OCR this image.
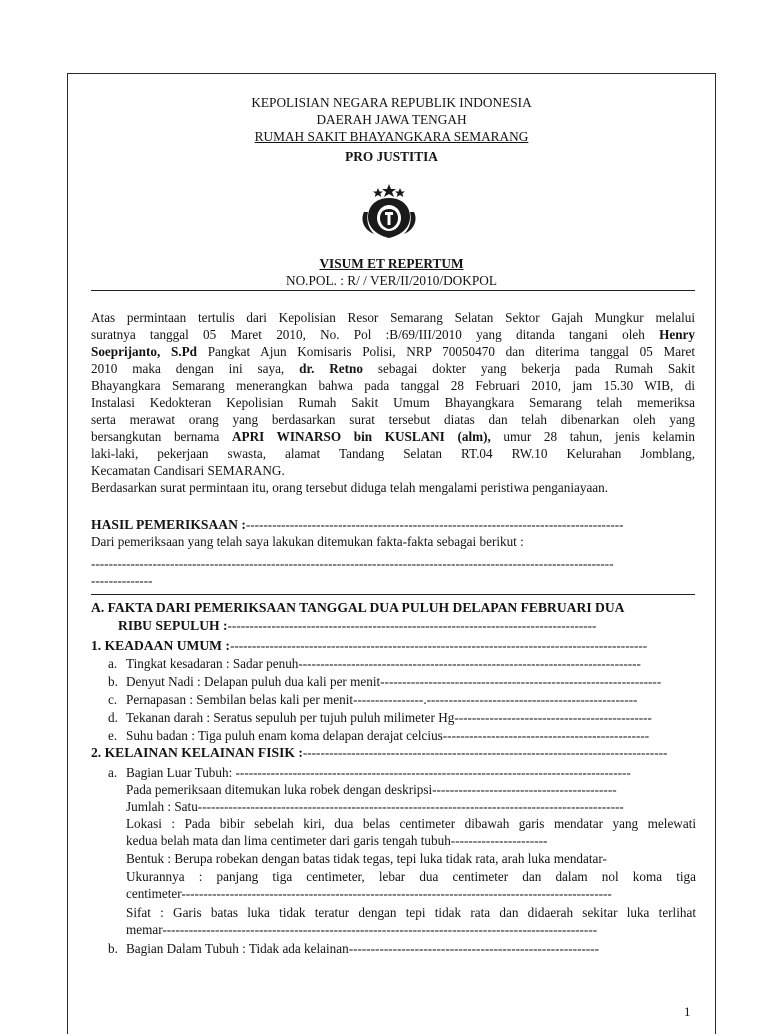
KEPOLISIAN NEGARA REPUBLIK INDONESIA
DAERAH JAWA TENGAH
RUMAH SAKIT BHAYANGKARA SEMARANG
PRO JUSTITIA
VISUM ET REPERTUM
NO.POL. : R/ / VER/II/2010/DOKPOL
Atas permintaan tertulis dari Kepolisian Resor Semarang Selatan Sektor Gajah Mungkur melalui
suratnya tanggal 05 Maret 2010, No. Pol :B/69/III/2010 yang ditanda tangani oleh Henry
Soeprijanto, S.Pd Pangkat Ajun Komisaris Polisi, NRP 70050470 dan diterima tanggal 05 Maret
2010 maka dengan ini saya, dr. Retno sebagai dokter yang bekerja pada Rumah Sakit
Bhayangkara Semarang menerangkan bahwa pada tanggal 28 Februari 2010, jam 15.30 WIB, di
Instalasi Kedokteran Kepolisian Rumah Sakit Umum Bhayangkara Semarang telah memeriksa
serta merawat orang yang berdasarkan surat tersebut diatas dan telah dibenarkan oleh yang
bersangkutan bernama APRI WINARSO bin KUSLANI (alm), umur 28 tahun, jenis kelamin
laki-laki, pekerjaan swasta, alamat Tandang Selatan RT.04 RW.10 Kelurahan Jomblang,
Kecamatan Candisari SEMARANG.
Berdasarkan surat permintaan itu, orang tersebut diduga telah mengalami peristiwa penganiayaan.
HASIL PEMERIKSAAN :--------------------------------------------------------------------------------------
Dari pemeriksaan yang telah saya lakukan ditemukan fakta-fakta sebagai berikut :
-----------------------------------------------------------------------------------------------------------------------
--------------
A. FAKTA DARI PEMERIKSAAN TANGGAL DUA PULUH DELAPAN FEBRUARI DUA
RIBU SEPULUH :------------------------------------------------------------------------------------
1. KEADAAN UMUM :-----------------------------------------------------------------------------------------------
a. Tingkat kesadaran : Sadar penuh------------------------------------------------------------------------------
b. Denyut Nadi : Delapan puluh dua kali per menit----------------------------------------------------------------
c. Pernapasan : Sembilan belas kali per menit----------------.------------------------------------------------
d. Tekanan darah : Seratus sepuluh per tujuh puluh milimeter Hg---------------------------------------------
e. Suhu badan : Tiga puluh enam koma delapan derajat celcius-----------------------------------------------
2. KELAINAN KELAINAN FISIK :-----------------------------------------------------------------------------------
a. Bagian Luar Tubuh: ------------------------------------------------------------------------------------------
Pada pemeriksaan ditemukan luka robek dengan deskripsi------------------------------------------
Jumlah : Satu-------------------------------------------------------------------------------------------------
Lokasi : Pada bibir sebelah kiri, dua belas centimeter dibawah garis mendatar yang melewati
kedua belah mata dan lima centimeter dari garis tengah tubuh----------------------
Bentuk : Berupa robekan dengan batas tidak tegas, tepi luka tidak rata, arah luka mendatar-
Ukurannya : panjang tiga centimeter, lebar dua centimeter dan dalam nol koma tiga
centimeter--------------------------------------------------------------------------------------------------
Sifat : Garis batas luka tidak teratur dengan tepi tidak rata dan didaerah sekitar luka terlihat
memar---------------------------------------------------------------------------------------------------
b. Bagian Dalam Tubuh : Tidak ada kelainan---------------------------------------------------------
1
